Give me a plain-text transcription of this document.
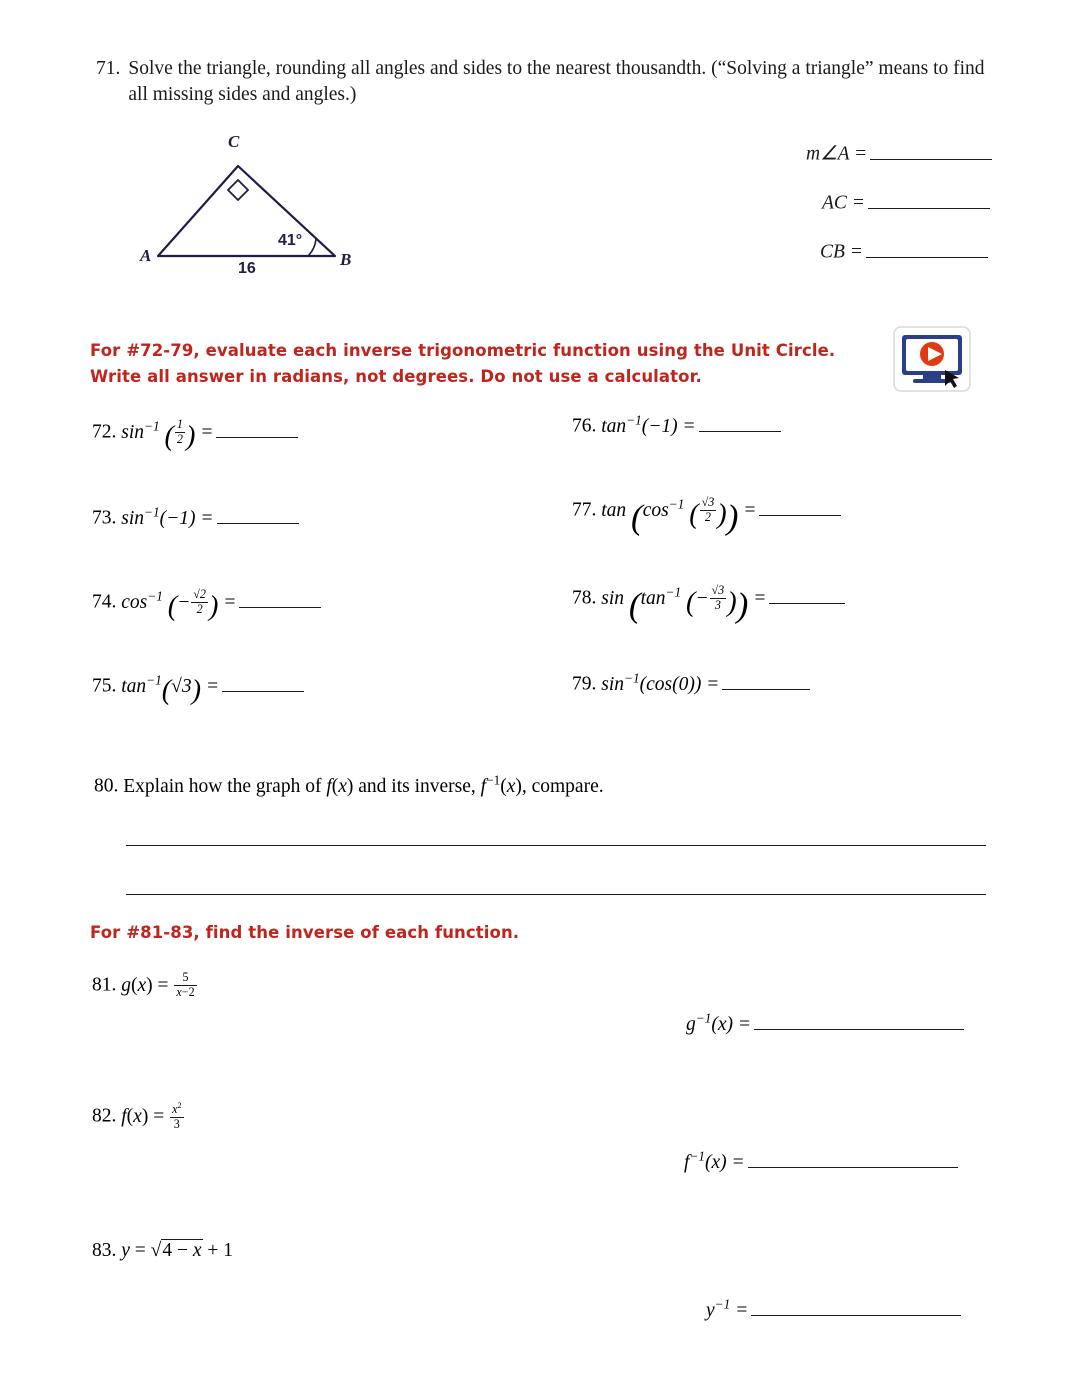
71. Solve the triangle, rounding all angles and sides to the nearest thousandth. (“Solving a triangle” means to find all missing sides and angles.)
C
A	B
41°
16
m∠A =
AC =
CB =
For #72-79, evaluate each inverse trigonometric function using the Unit Circle. Write all answer in radians, not degrees. Do not use a calculator.
72. $\sin^{-1}$ ( $\frac{1}{2}$ ) =
73. $\sin^{-1}(-1)$ =
74. $\cos^{-1}$ (− $\frac{√2}{2}$ ) =
75. $\tan^{-1}(√3)$ =
76. $\tan^{-1}(-1)$ =
77. $\tan (\cos^{-1}$ ( $\frac{√3}{2}$ )) =
78. $\sin (\tan^{-1}$ (− $\frac{√3}{3}$ )) =
79. $\sin^{-1}(\cos(0))$ =
80. Explain how the graph of f(x) and its inverse, $f^{-1}(x)$, compare.
For #81-83, find the inverse of each function.
81. $g(x) = \frac{5}{x-2}$
$g^{-1}(x)$ =
82. $f(x) = \frac{x^2}{3}$
$f^{-1}(x)$ =
83. y = √4 − x + 1
$y^{-1}$ =
